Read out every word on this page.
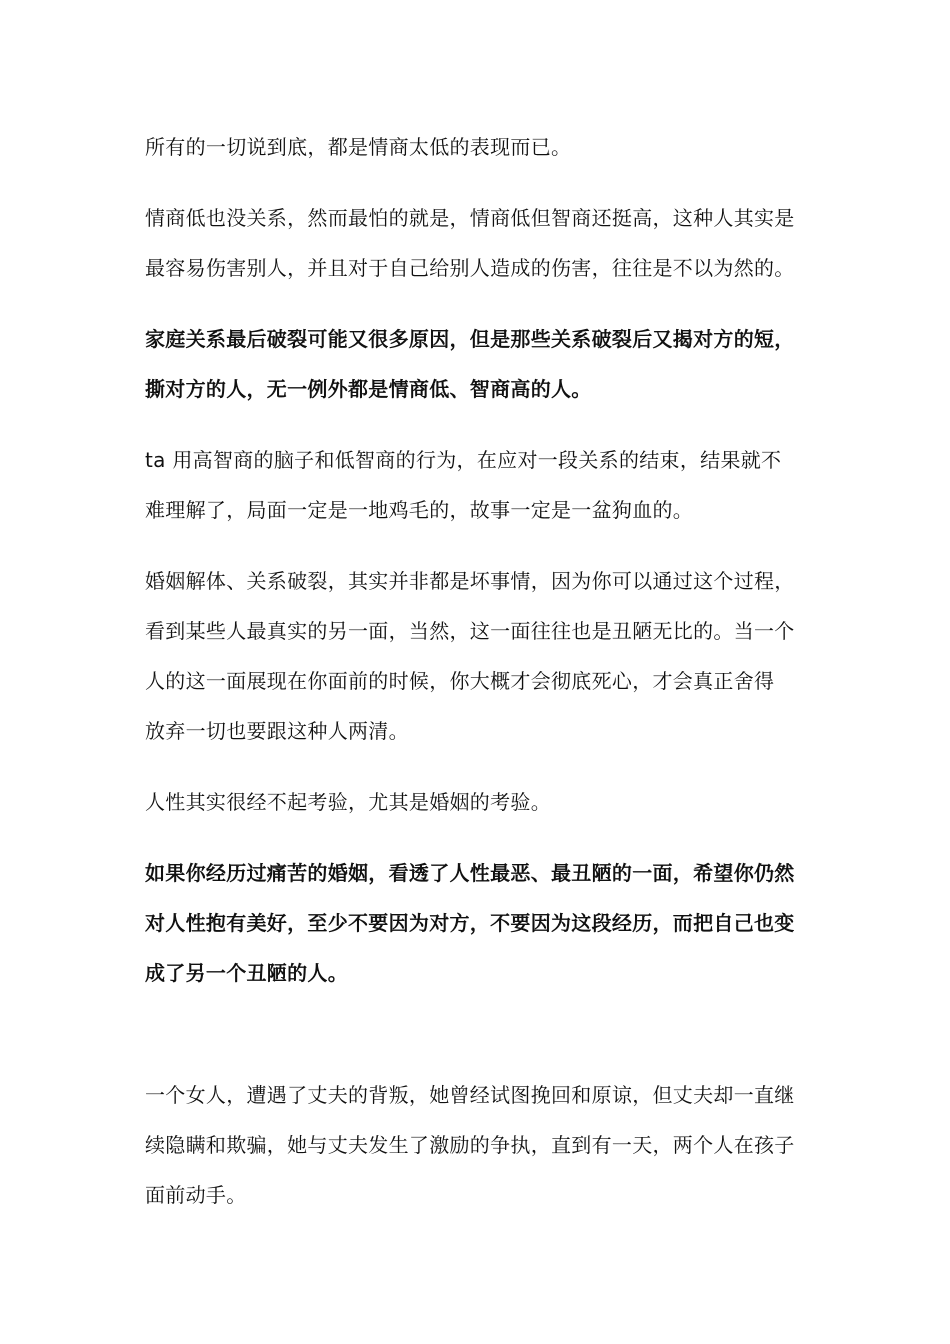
所有的一切说到底，都是情商太低的表现而已。

情商低也没关系，然而最怕的就是，情商低但智商还挺高，这种人其实是
最容易伤害别人，并且对于自己给别人造成的伤害，往往是不以为然的。

家庭关系最后破裂可能又很多原因，但是那些关系破裂后又揭对方的短，
撕对方的人，无一例外都是情商低、智商高的人。

ta 用高智商的脑子和低智商的行为，在应对一段关系的结束，结果就不
难理解了，局面一定是一地鸡毛的，故事一定是一盆狗血的。

婚姻解体、关系破裂，其实并非都是坏事情，因为你可以通过这个过程，
看到某些人最真实的另一面，当然，这一面往往也是丑陋无比的。当一个
人的这一面展现在你面前的时候，你大概才会彻底死心，才会真正舍得
放弃一切也要跟这种人两清。

人性其实很经不起考验，尤其是婚姻的考验。

如果你经历过痛苦的婚姻，看透了人性最恶、最丑陋的一面，希望你仍然
对人性抱有美好，至少不要因为对方，不要因为这段经历，而把自己也变
成了另一个丑陋的人。

一个女人，遭遇了丈夫的背叛，她曾经试图挽回和原谅，但丈夫却一直继
续隐瞒和欺骗，她与丈夫发生了激励的争执，直到有一天，两个人在孩子
面前动手。
